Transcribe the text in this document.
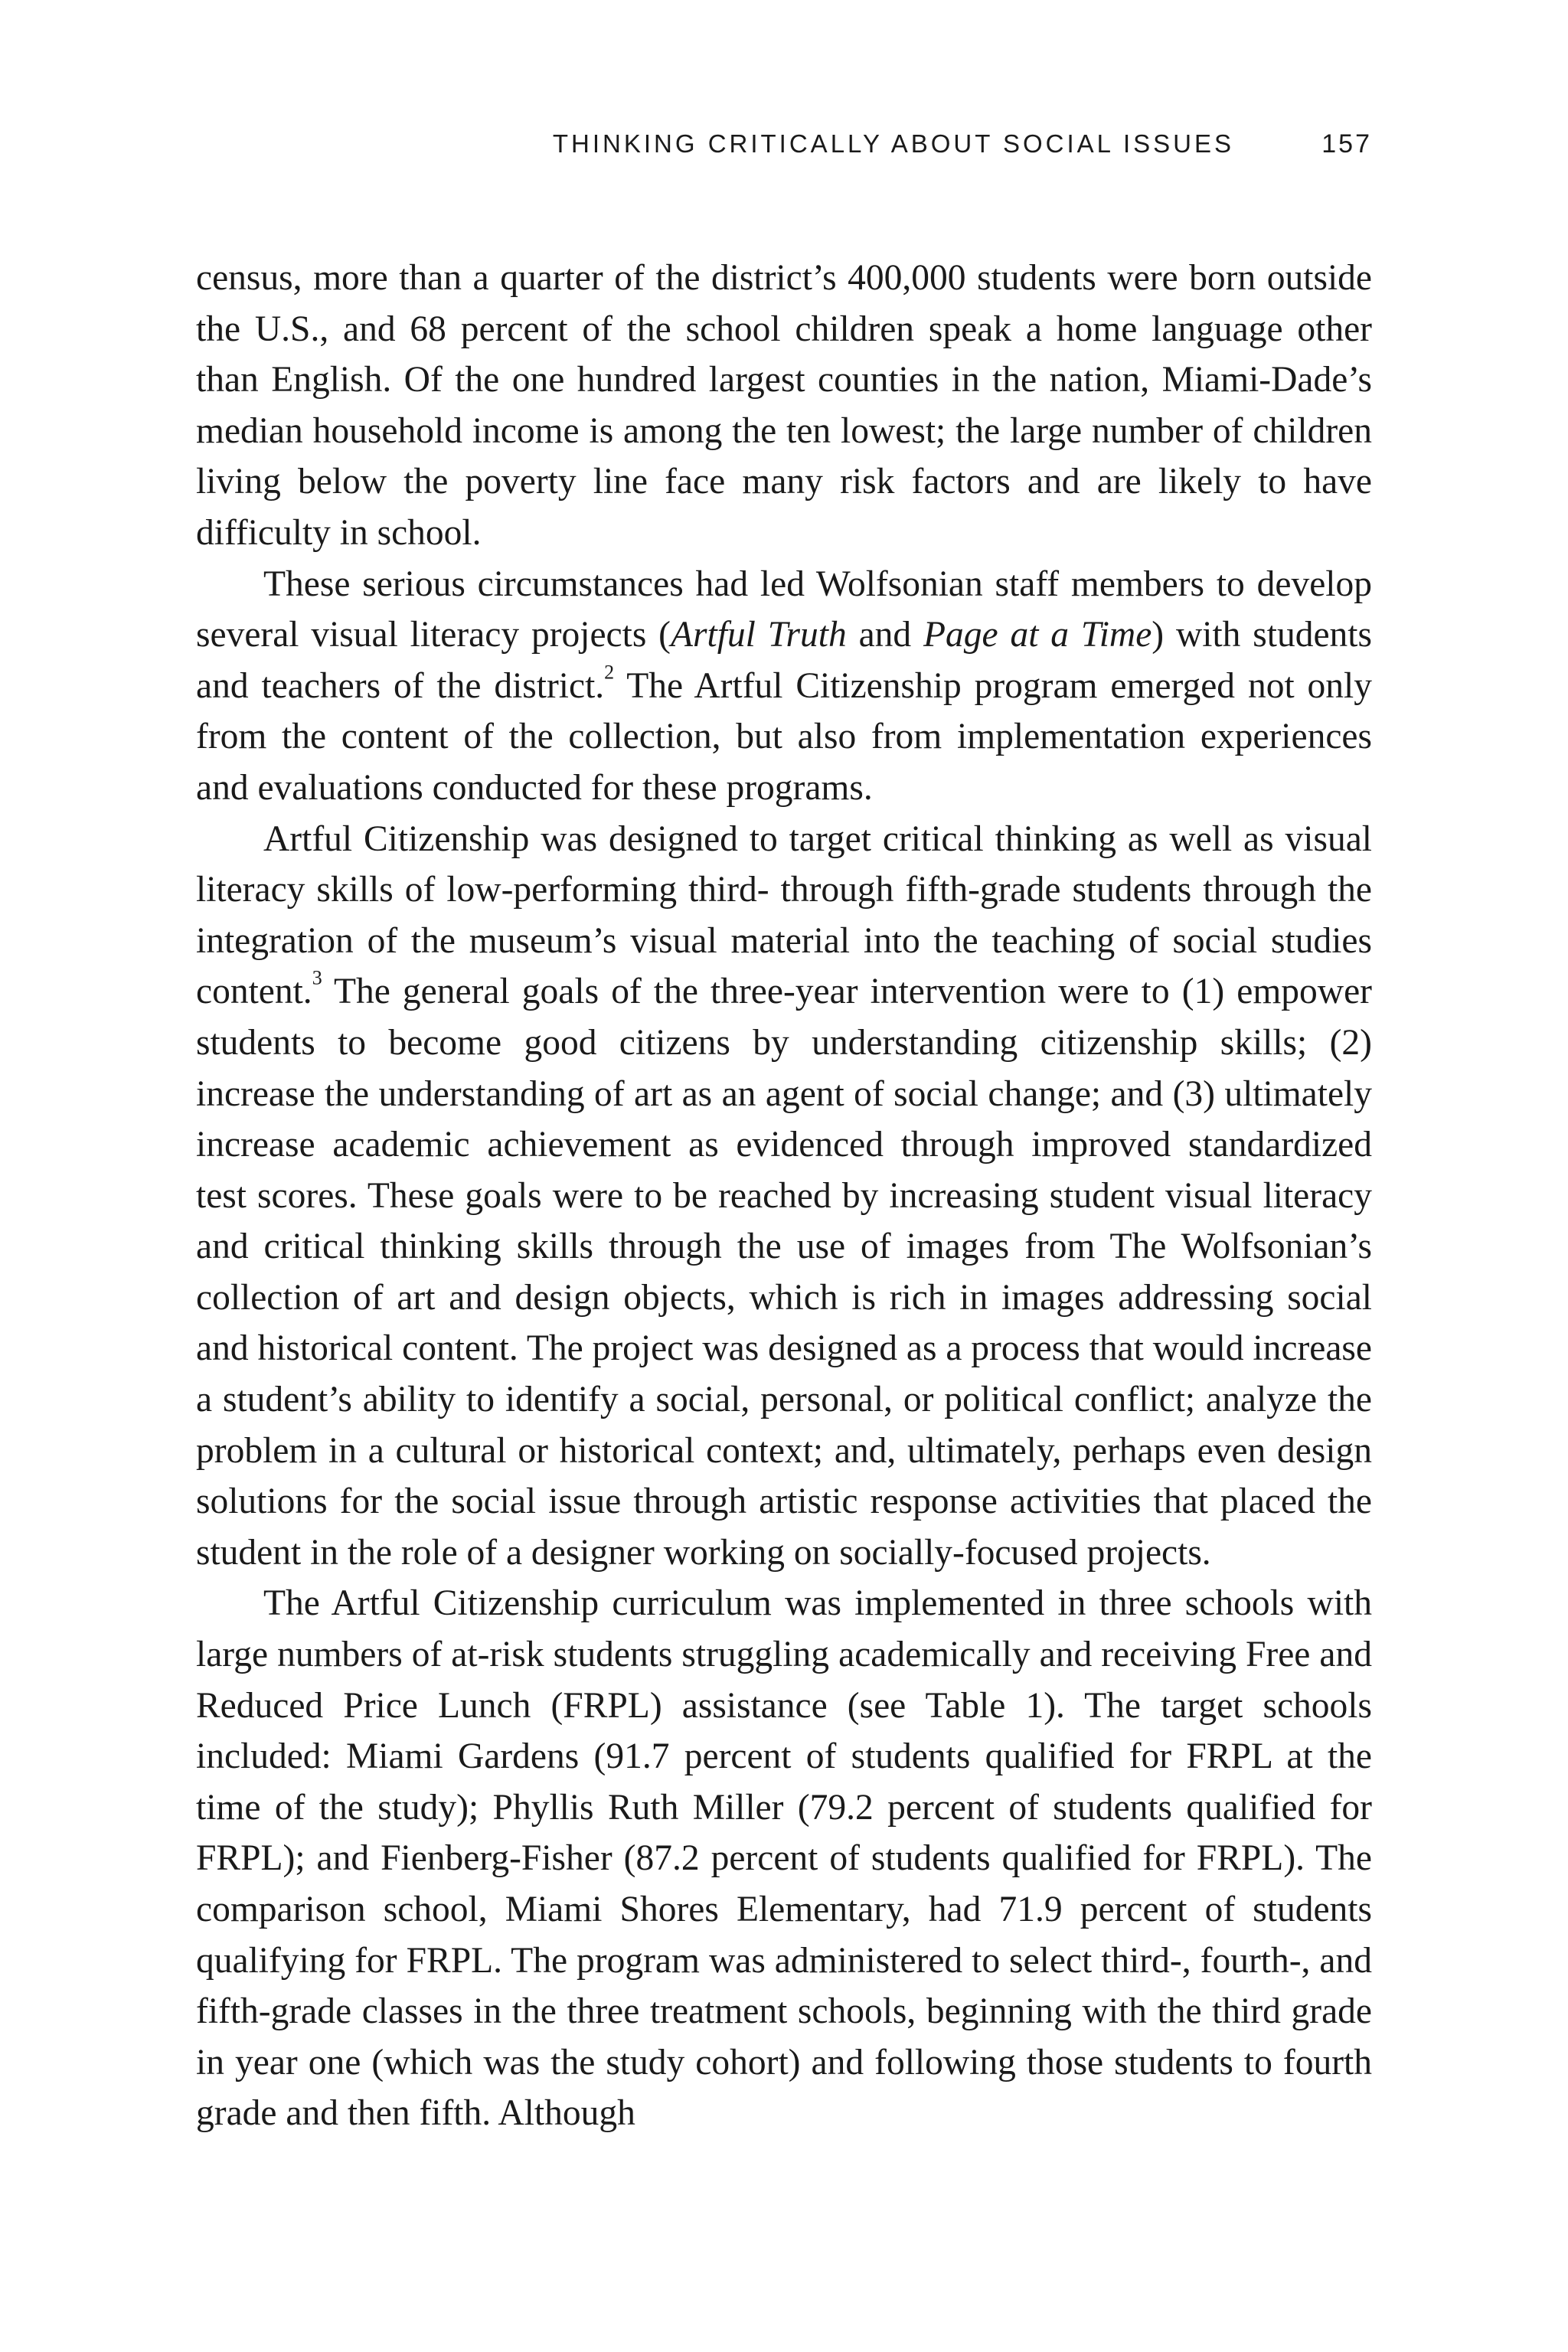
THINKING CRITICALLY ABOUT SOCIAL ISSUES	157

census, more than a quarter of the district’s 400,000 students were born outside the U.S., and 68 percent of the school children speak a home language other than English. Of the one hundred largest counties in the nation, Miami-Dade’s median household income is among the ten lowest; the large number of children living below the poverty line face many risk factors and are likely to have difficulty in school.

These serious circumstances had led Wolfsonian staff members to develop several visual literacy projects (Artful Truth and Page at a Time) with students and teachers of the district.$^2$ The Artful Citizenship program emerged not only from the content of the collection, but also from implementation experiences and evaluations conducted for these programs.

Artful Citizenship was designed to target critical thinking as well as visual literacy skills of low-performing third- through fifth-grade students through the integration of the museum’s visual material into the teaching of social studies content.$^3$ The general goals of the three-year intervention were to (1) empower students to become good citizens by understanding citizenship skills; (2) increase the understanding of art as an agent of social change; and (3) ultimately increase academic achievement as evidenced through improved standardized test scores. These goals were to be reached by increasing student visual literacy and critical thinking skills through the use of images from The Wolfsonian’s collection of art and design objects, which is rich in images addressing social and historical content. The project was designed as a process that would increase a student’s ability to identify a social, personal, or political conflict; analyze the problem in a cultural or historical context; and, ultimately, perhaps even design solutions for the social issue through artistic response activities that placed the student in the role of a designer working on socially-focused projects.

The Artful Citizenship curriculum was implemented in three schools with large numbers of at-risk students struggling academically and receiving Free and Reduced Price Lunch (FRPL) assistance (see Table 1). The target schools included: Miami Gardens (91.7 percent of students qualified for FRPL at the time of the study); Phyllis Ruth Miller (79.2 percent of students qualified for FRPL); and Fienberg-Fisher (87.2 percent of students qualified for FRPL). The comparison school, Miami Shores Elementary, had 71.9 percent of students qualifying for FRPL. The program was administered to select third-, fourth-, and fifth-grade classes in the three treatment schools, beginning with the third grade in year one (which was the study cohort) and following those students to fourth grade and then fifth. Although
